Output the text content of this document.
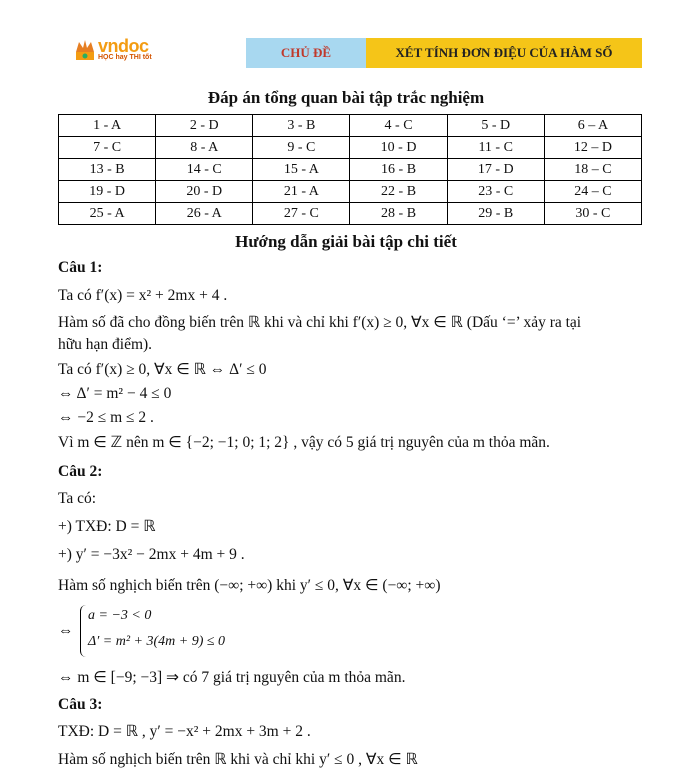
vndoc
HỌC hay THI tốt	CHỦ ĐỀ	XÉT TÍNH ĐƠN ĐIỆU CỦA HÀM SỐ
Đáp án tổng quan bài tập trắc nghiệm
1 - A	2 - D	3 - B	4 - C	5 - D	6 – A
7 - C	8 - A	9 - C	10 - D	11 - C	12 – D
13 - B	14 - C	15 - A	16 - B	17 - D	18 – C
19 - D	20 - D	21 - A	22 - B	23 - C	24 – C
25 - A	26 - A	27 - C	28 - B	29 - B	30 - C
Hướng dẫn giải bài tập chi tiết
Câu 1:
Ta có f′(x) = x² + 2mx + 4 .
Hàm số đã cho đồng biến trên ℝ khi và chỉ khi f′(x) ≥ 0, ∀x ∈ ℝ (Dấu ‘=’ xảy ra tại
hữu hạn điểm).
Ta có f′(x) ≥ 0, ∀x ∈ ℝ ⇔ Δ′ ≤ 0
⇔ Δ′ = m² − 4 ≤ 0
⇔ −2 ≤ m ≤ 2 .
Vì m ∈ ℤ nên m ∈ {−2; −1; 0; 1; 2} , vậy có 5 giá trị nguyên của m thỏa mãn.
Câu 2:
Ta có:
+) TXĐ: D = ℝ
+) y′ = −3x² − 2mx + 4m + 9 .
Hàm số nghịch biến trên (−∞; +∞) khi y′ ≤ 0, ∀x ∈ (−∞; +∞)
⇔
a = −3 < 0
Δ′ = m² + 3(4m + 9) ≤ 0
⇔ m ∈ [−9; −3] ⇒ có 7 giá trị nguyên của m thỏa mãn.
Câu 3:
TXĐ: D = ℝ , y′ = −x² + 2mx + 3m + 2 .
Hàm số nghịch biến trên ℝ khi và chỉ khi y′ ≤ 0 , ∀x ∈ ℝ
